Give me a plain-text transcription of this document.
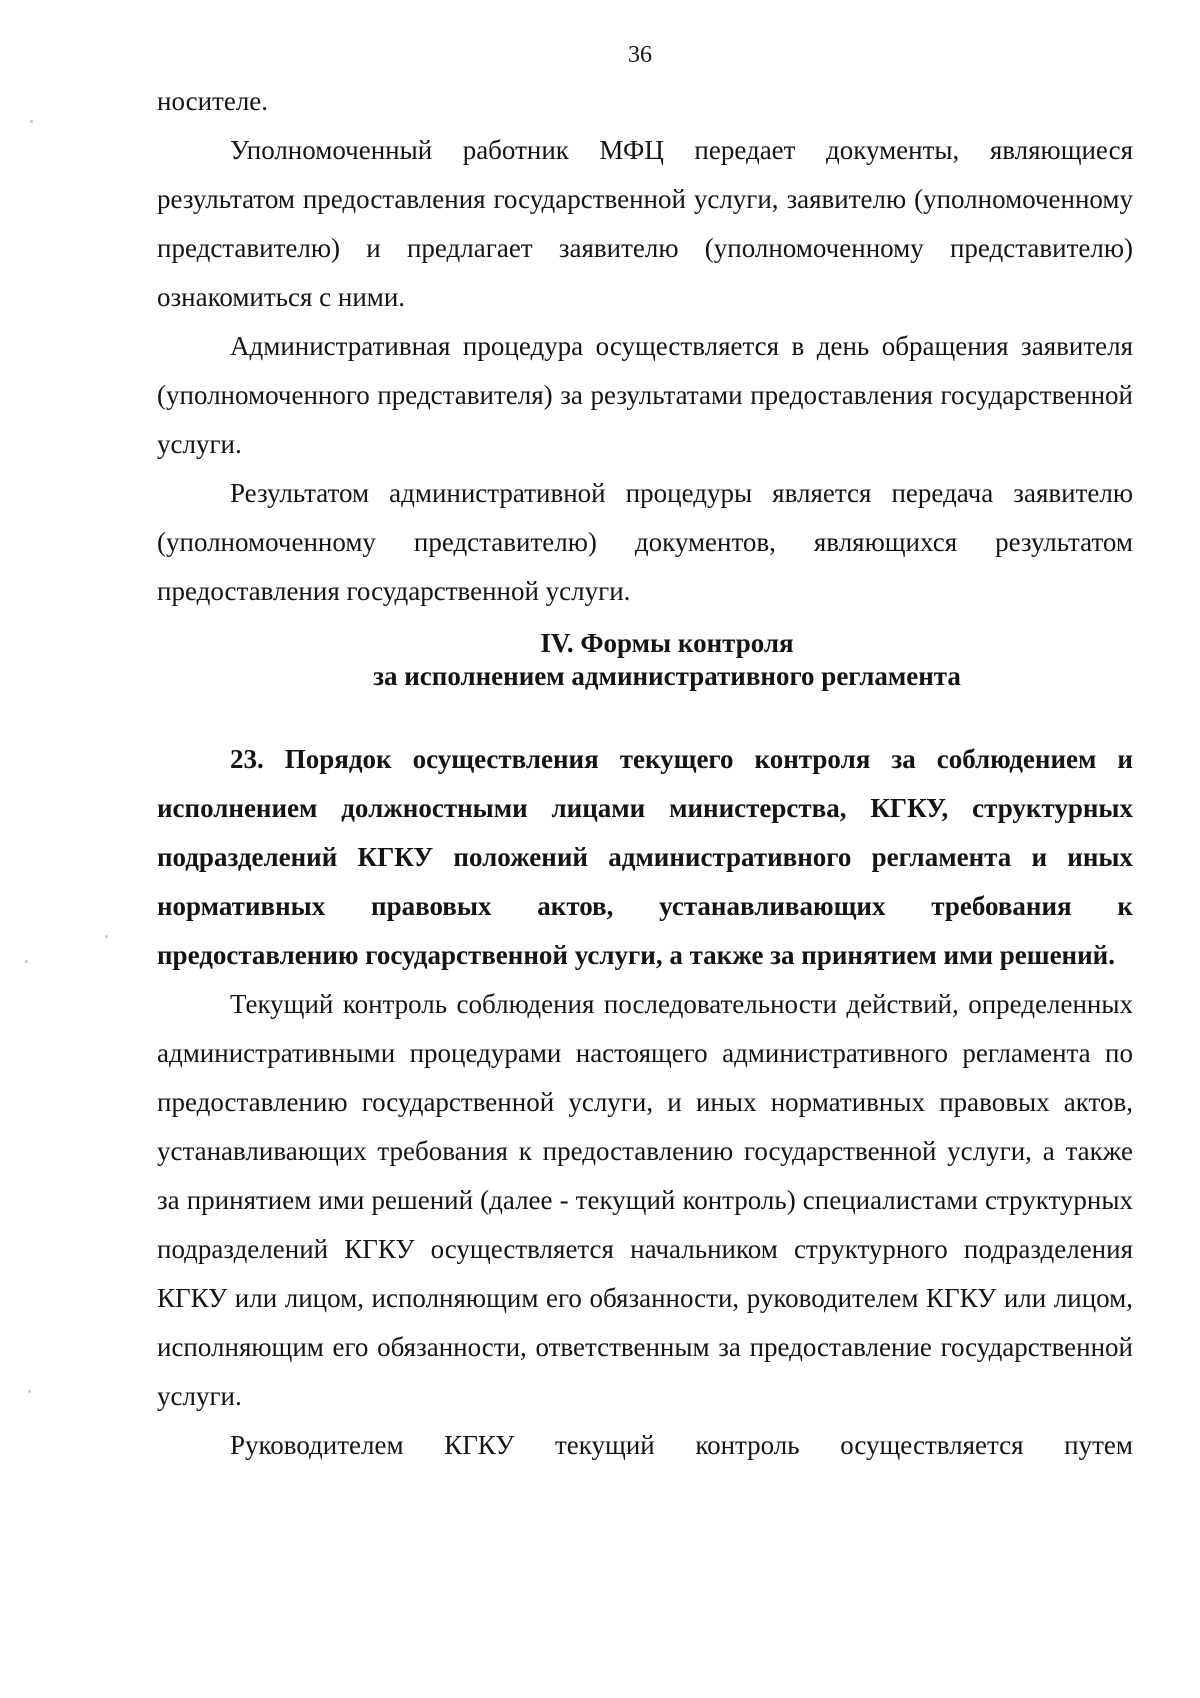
36

носителе.

Уполномоченный работник МФЦ передает документы, являющиеся результатом предоставления государственной услуги, заявителю (уполномоченному представителю) и предлагает заявителю (уполномоченному представителю) ознакомиться с ними.

Административная процедура осуществляется в день обращения заявителя (уполномоченного представителя) за результатами предоставления государственной услуги.

Результатом административной процедуры является передача заявителю (уполномоченному представителю) документов, являющихся результатом предоставления государственной услуги.

IV. Формы контроля
за исполнением административного регламента

23. Порядок осуществления текущего контроля за соблюдением и исполнением должностными лицами министерства, КГКУ, структурных подразделений КГКУ положений административного регламента и иных нормативных правовых актов, устанавливающих требования к предоставлению государственной услуги, а также за принятием ими решений.

Текущий контроль соблюдения последовательности действий, определенных административными процедурами настоящего административного регламента по предоставлению государственной услуги, и иных нормативных правовых актов, устанавливающих требования к предоставлению государственной услуги, а также за принятием ими решений (далее - текущий контроль) специалистами структурных подразделений КГКУ осуществляется начальником структурного подразделения КГКУ или лицом, исполняющим его обязанности, руководителем КГКУ или лицом, исполняющим его обязанности, ответственным за предоставление государственной услуги.

Руководителем КГКУ текущий контроль осуществляется путем
